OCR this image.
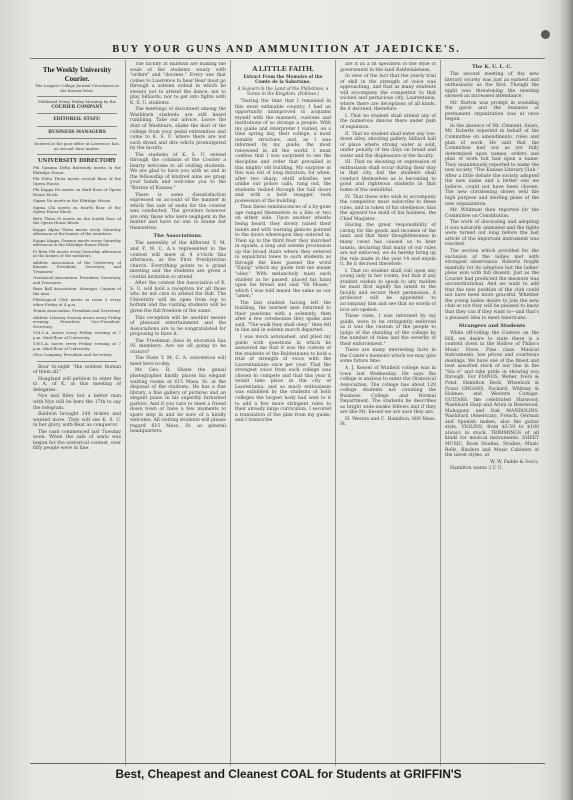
BUY YOUR GUNS AND AMMUNITION AT JAEDICKE'S.
The Weekly University Courier.
The Largest College Journal Circulation in the Kansas West.
Published Every Friday Morning by the
COURIER COMPANY
EDITORIAL STAFF:
BUSINESS MANAGERS
Entered at the post-office at Lawrence Kas. as second class matter.
UNIVERSITY DIRECTORY

Phi Gamma Delta fraternity meets in the Eldridge House.

Phi Delta Theta meets second floor of the Opera House.

Phi Kappa Psi meets on third floor of Opera House block.

Sigma Nu meets in the Eldridge House.

Sigma Chi meets on fourth floor of the Opera House block.

Beta Theta Pi meets on the fourth floor of the Opera House block.

Kappa Alpha Theta meets every Saturday afternoon at the homes of the members.

Kappa Kappa Gamma meets every Saturday afternoon in the Eldridge House block.

Pi Beta Phi meets every Saturday afternoon at the homes of the members.

Athletic Association of the University of Kansas. President, Secretary, and Treasurer.

Oratorical Association. President, Secretary, and Treasurer.

Base Ball Association. Manager, Captain of the nine.

Philological Club meets in room 9 every other Friday at 4 p.m.

Tennis Association. President and Secretary.

Athletic Literary Society meets every Friday evening. President, Vice-President, Secretary.

Y.M.C.A. meets every Friday evening at 7 p.m. third floor of University.

Y.W.C.A. meets every Friday evening at 7 p.m. third floor of University.

Glee Company. President and Secretary.

Bear to-night "the noblest Roman of them all."

Hoagland will petition to enter the O. A. of K. at this meeting of delegates.

Nye and Riley but a better man with Nye will be here the 17th to say the telegram.

Baldwin brought 240 tickets and wanted more. They will see K. S. U. in her glory, with Bear as conqueror.

The cash commenced last Tuesday noon. When the sale of seats was begun for the oratorical contest, over fifty people were in line.

The faculty at Baldwin are making the souls of the students weary with "orders" and "decrees." Every one that comes to Lawrence to hear Bear must go through a solemn ordeal in which he swears not to attend the dance, not to play billiards, nor to get into fights with K. S. U. students.

The meetings of discontent among the Washburn students are still heard rumbling. Take our advice. Leave the dust of Washburn, shake the dust of the college from your pedal extremities and come to K. S. U. where there are not such dread and dire edicts promulgated by the faculty.

The students of K. S. U. extend through the columns of the Courier a hearty welcome to all visiting students. We are glad to have you with us and in the fellowship of kindred aims we grasp your hands and welcome you to the "Boston of Kansas."

There is some dissatisfaction expressed on account of the manner in which the sale of seats for the contest was conducted. The growlers however are only those who were negligent in the matter and have no one to blame but themselves.

The Associations.

The assembly of the different Y. M. and Y. W. C. A.'s represented in the contest will meet at 4 o'clock this afternoon, at the First Presbyterian church. Everything points to a grand meeting and the students are given a cordial invitation to attend.

After the contest the Association of K. S. U. will hold a reception for all those who do not care to attend the Ball. The University will be open from top to bottom and the visiting students will be given the full freedom of the same.

This reception will be another means of pleasant entertainment and the Associations are to be congratulated for proposing to have it.

The Freshman class in elocution has 95 members. Are we all going to be orators?

The State Y. M. C. A. convention will meet here to-day.

Mr. Geo. R. Shane the genial photographer kindly places his elegant waiting rooms at 615 Mass. St. at the disposal of the students. He has a fine library, a fine gallery of pictures and an elegant piano in his superbly furnished parlors. And if you care to meet a friend down town or have a few moments to spare step in and be sure of a kindly welcome. All visiting students will please regard 615 Mass. St. as general headquarters.

A LITTLE FAITH.
Extract From the Memoirs of the Comte de la Saberiane.
A Sojourn in the Land of the Philistines, a Scene in the Kingdom. (Follows.)

"During the time that I remained in this most estimable country, I had an opportunity unimproved to acquaint myself with the manners, customs and institutions of so strange a people. With my guide and interpreter I visited, on a time spring day, their college, a most notable structure, and, as I was informed by my guide, the most renowned in all the world. I must confess that I was surprised to see the discipline and order that prevailed in this mighty old building. My surprise at this was not of long duration, for when, after two sharp, shrill whistles, not unlike our police calls, rang out, the students rushed through the hall doors and with a bold swagger, took possession of the building.

Then these reminiscences of a by-gone age ranged themselves in a line or two on either side. Upon another whistle being heard, they slowly raised their hands and with warning glances pointed to the doors whereupon they entered in. Then up to the third floor they marched in squads, a long and solemn procession up the broad stairs where they entered in sepulchral tones to such students as through the lines passed the word "Equip" which my guide told me meant "obey." With melancholy mien each student as he passed, placed his hand upon his breast and said "Hi Moses," which I was told meant the same as our "amen."

The last student having left the building, the learned men returned to their positions with a solemnly, then after a few ceremonies they spoke and said, "The walk they shall obey." then fell in line and in solemn march departed.

I was much astonished, and plied my guide with questions in which he answered me that it was the custom of the students of the Baldwinians to hold a trial of strength of voice with the Laurentanians once per year. That the strongest voice from each college was chosen to compete and that this year it would take place in the city of Laurentania, and as much enthusiasm was exhibited by the students of both colleges the largest body had sent to it to add a few more stringent rules to their already large curriculum. I secured a translation of the plan from my guide, and I transcribe

are it as a fit specimen of the style of government in the land Baldwinienses.

In view of the fact that the yearly trial of skill in the strength of voice was approaching, and that as many students will accompany the competitor to that wicked and pernicious city, Laurentania, where there are deceptions of all kinds. Be it decreed, therefore:

I. That no student shall attend any of the numerous dances there under pain of expulsion.

II. That no student shall enter any low-down alley, shooting gallery, billiard hall or place where strong water is sold, under penalty of ten days on bread and water and the displeasure of the faculty.

III. That no shouting or expression of enthusiasm shall occur during their stay in that city, but the students shall conduct themselves as is becoming to good and righteous students in that home of the unfaithful.

IV. That those who wish to accompany the competitor must subscribe to these rules, and in token of his obedience, kiss the upward toe mold of his holiness, the Chief Magister.

Having the great responsibility of caring for the goods and incomes of the land, and that their thoughtlessness in many cases has caused us to hear taunts, declaring that many of our rules are not enforced, we do hereby bring up the rule made in the year 14 and enjoin it. Be it decreed therefore:

I. That no student shall call upon any young lady in her rooms, but that if any student wishes to speak to any maiden he must first signify his intent to the faculty and secure their permission. A professor will be appointed to accompany him and see that no words of love are spoken.

These rules, I was informed by my guide, were to be stringently enforced as it was the custom of the people to judge of the standing of the college by the number of rules and the severity of their enforcement."

There are many interesting facts in the Comte's memoirs which we may give some future time.

A. J. Kessel of Winfield college was in town last Wednesday. He says the college is anxious to enter the Oratorical Association. The college has about 120 college students not counting the Business College and Normal Department. The students he describes as bright wide-awake fellows and if they are like Mr. Kessel we are sure they are.

H. Weston and C. Hamilton, 800 Mass. St.

The K. U. L. C.

The second meeting of the new literary society was just as earnest and enthusiastic as the first. Though the night was threatening the meeting showed an increased attendance.

Mr. Burton was prompt in sounding the gavel and the business of permanent organization was at once begun.

In the absence of Mr. Clement, Sears, Mr. Roberts reported in behalf of the Committee on amendments, rules and plan of work. He said that the Committee had not as yet fully determined upon names, orders and plan of work but had upon a name. They unanimously reported to name the new society "The Kansas Literary Club." After a little debate the society adopted the new name and a better one we believe, could not have been chosen. The new christening shows well the high purpose and sterling plans of the new organization.

Mr. Whitman then reported for the Committee on Constitution.

The work of discussing and adopting it was naturally animated and the fights were turned out long before the last article of the important instrument was reached.

The section which provided for the exclusion of the ladies met with strongest observance. Roberts fought manfully for its adoption but the ladies' pleas won with full dissent. Just as the Courier had predicted the measure was unconstitutional. And we want to add that the new position of the club could not have been more graceful. Whether the young ladies desire to join the new club or not they will be pleased to know that they can if they want to—and that's a pleasant idea to meet Americans.

Strangers and Students

While off-rolling the Contest on the Hill, we desire to state there is a content down in the Hollow of Thibo's Music Store. Fine class Musical Instruments, low prices and courteous dealings. We have one of the finest and best assorted stock of our line in the "Sta e" and take pride in showing you through. For PIANOS, Weber, Ivers & Pond, Hamilton Beck, Wheelock & Franz ORGANS, Packard, Whitney & Holmes, and Western Cottage. GUITARS, the celebrated Harwood; Washburn Harp and Arion in Rosewood, Mahogany and Oak MANDOLINS, Washburn (American), French, German and Spanish makes, also the guitar style. VIOLINS, from $3.50 to $100 always in stock. TRIMMINGS of all kinds for musical instruments. SHEET MUSIC, Book Studies, Studies, Music Rolls, Binders and Music Cabinets of the latest styles, at

W. W. Fadde & Son's.

Hamilton wants 2 C U.

Best, Cheapest and Cleanest COAL for Students at GRIFFIN'S
